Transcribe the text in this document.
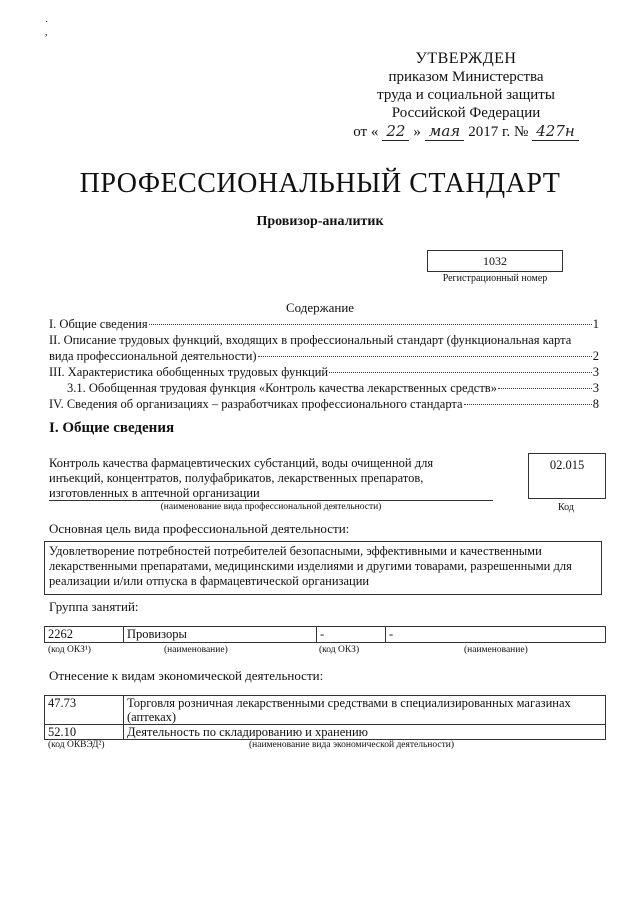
·
,
УТВЕРЖДЕН
приказом Министерства
труда и социальной защиты
Российской Федерации
от « 22 » мая 2017 г. № 427н
ПРОФЕССИОНАЛЬНЫЙ СТАНДАРТ
Провизор-аналитик
1032
Регистрационный номер
Содержание
I. Общие сведения	1
II. Описание трудовых функций, входящих в профессиональный стандарт (функциональная карта
вида профессиональной деятельности)	2
III. Характеристика обобщенных трудовых функций	3
3.1. Обобщенная трудовая функция «Контроль качества лекарственных средств»	3
IV. Сведения об организациях – разработчиках профессионального стандарта	8
I. Общие сведения
Контроль качества фармацевтических субстанций, воды очищенной для инъекций, концентратов, полуфабрикатов, лекарственных препаратов, изготовленных в аптечной организации
(наименование вида профессиональной деятельности)
02.015
Код
Основная цель вида профессиональной деятельности:
Удовлетворение потребностей потребителей безопасными, эффективными и качественными лекарственными препаратами, медицинскими изделиями и другими товарами, разрешенными для реализации и/или отпуска в фармацевтической организации
Группа занятий:
2262	Провизоры	-	-
(код ОКЗ¹)	(наименование)	(код ОКЗ)	(наименование)
Отнесение к видам экономической деятельности:
47.73	Торговля розничная лекарственными средствами в специализированных магазинах (аптеках)
52.10	Деятельность по складированию и хранению
(код ОКВЭД²)	(наименование вида экономической деятельности)
